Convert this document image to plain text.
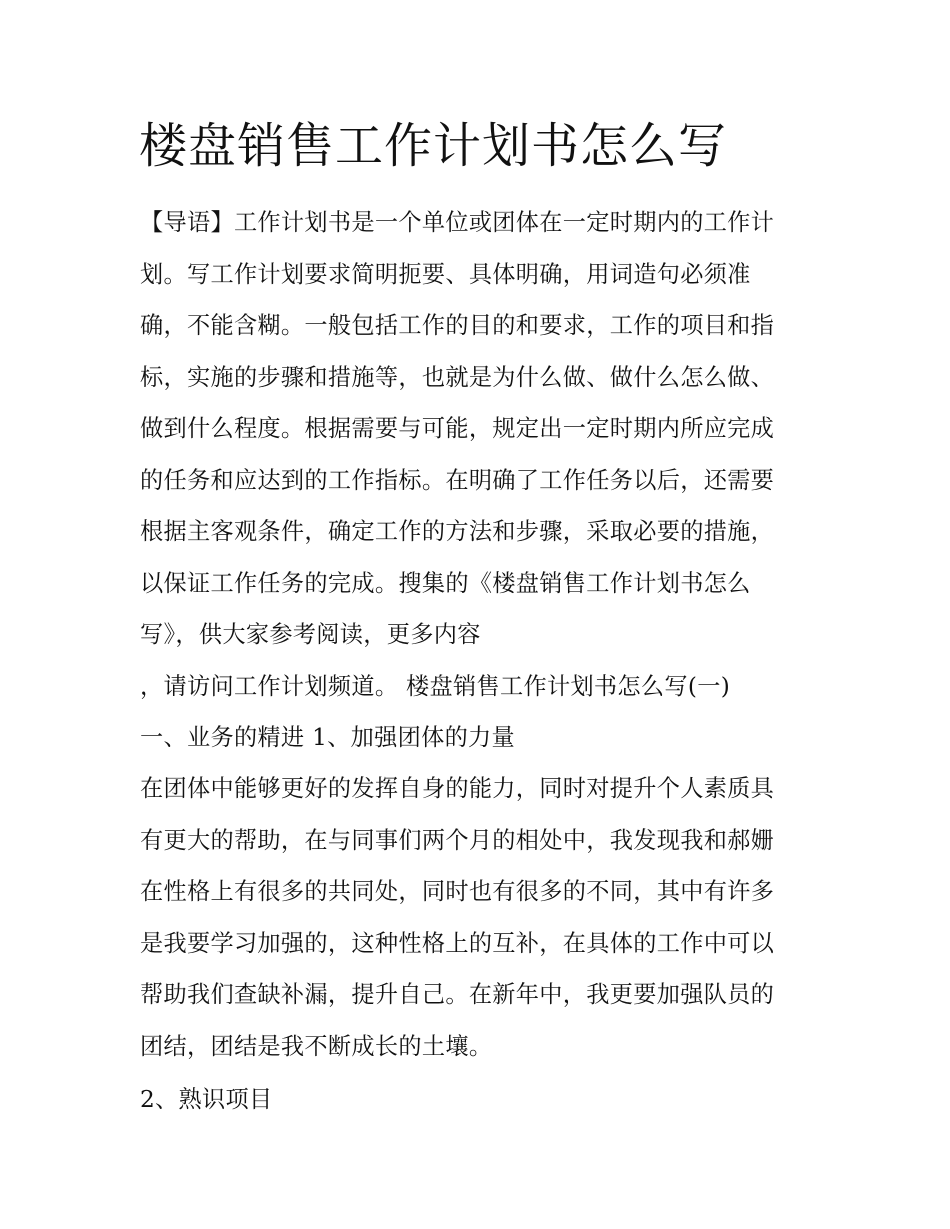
楼盘销售工作计划书怎么写
【导语】工作计划书是一个单位或团体在一定时期内的工作计
划。写工作计划要求简明扼要、具体明确，用词造句必须准
确，不能含糊。一般包括工作的目的和要求，工作的项目和指
标，实施的步骤和措施等，也就是为什么做、做什么怎么做、
做到什么程度。根据需要与可能，规定出一定时期内所应完成
的任务和应达到的工作指标。在明确了工作任务以后，还需要
根据主客观条件，确定工作的方法和步骤，采取必要的措施，
以保证工作任务的完成。搜集的《楼盘销售工作计划书怎么
写》，供大家参考阅读，更多内容
，请访问工作计划频道。 楼盘销售工作计划书怎么写(一)
一、业务的精进 1、加强团体的力量
在团体中能够更好的发挥自身的能力，同时对提升个人素质具
有更大的帮助，在与同事们两个月的相处中，我发现我和郝姗
在性格上有很多的共同处，同时也有很多的不同，其中有许多
是我要学习加强的，这种性格上的互补，在具体的工作中可以
帮助我们查缺补漏，提升自己。在新年中，我更要加强队员的
团结，团结是我不断成长的土壤。
2、熟识项目
